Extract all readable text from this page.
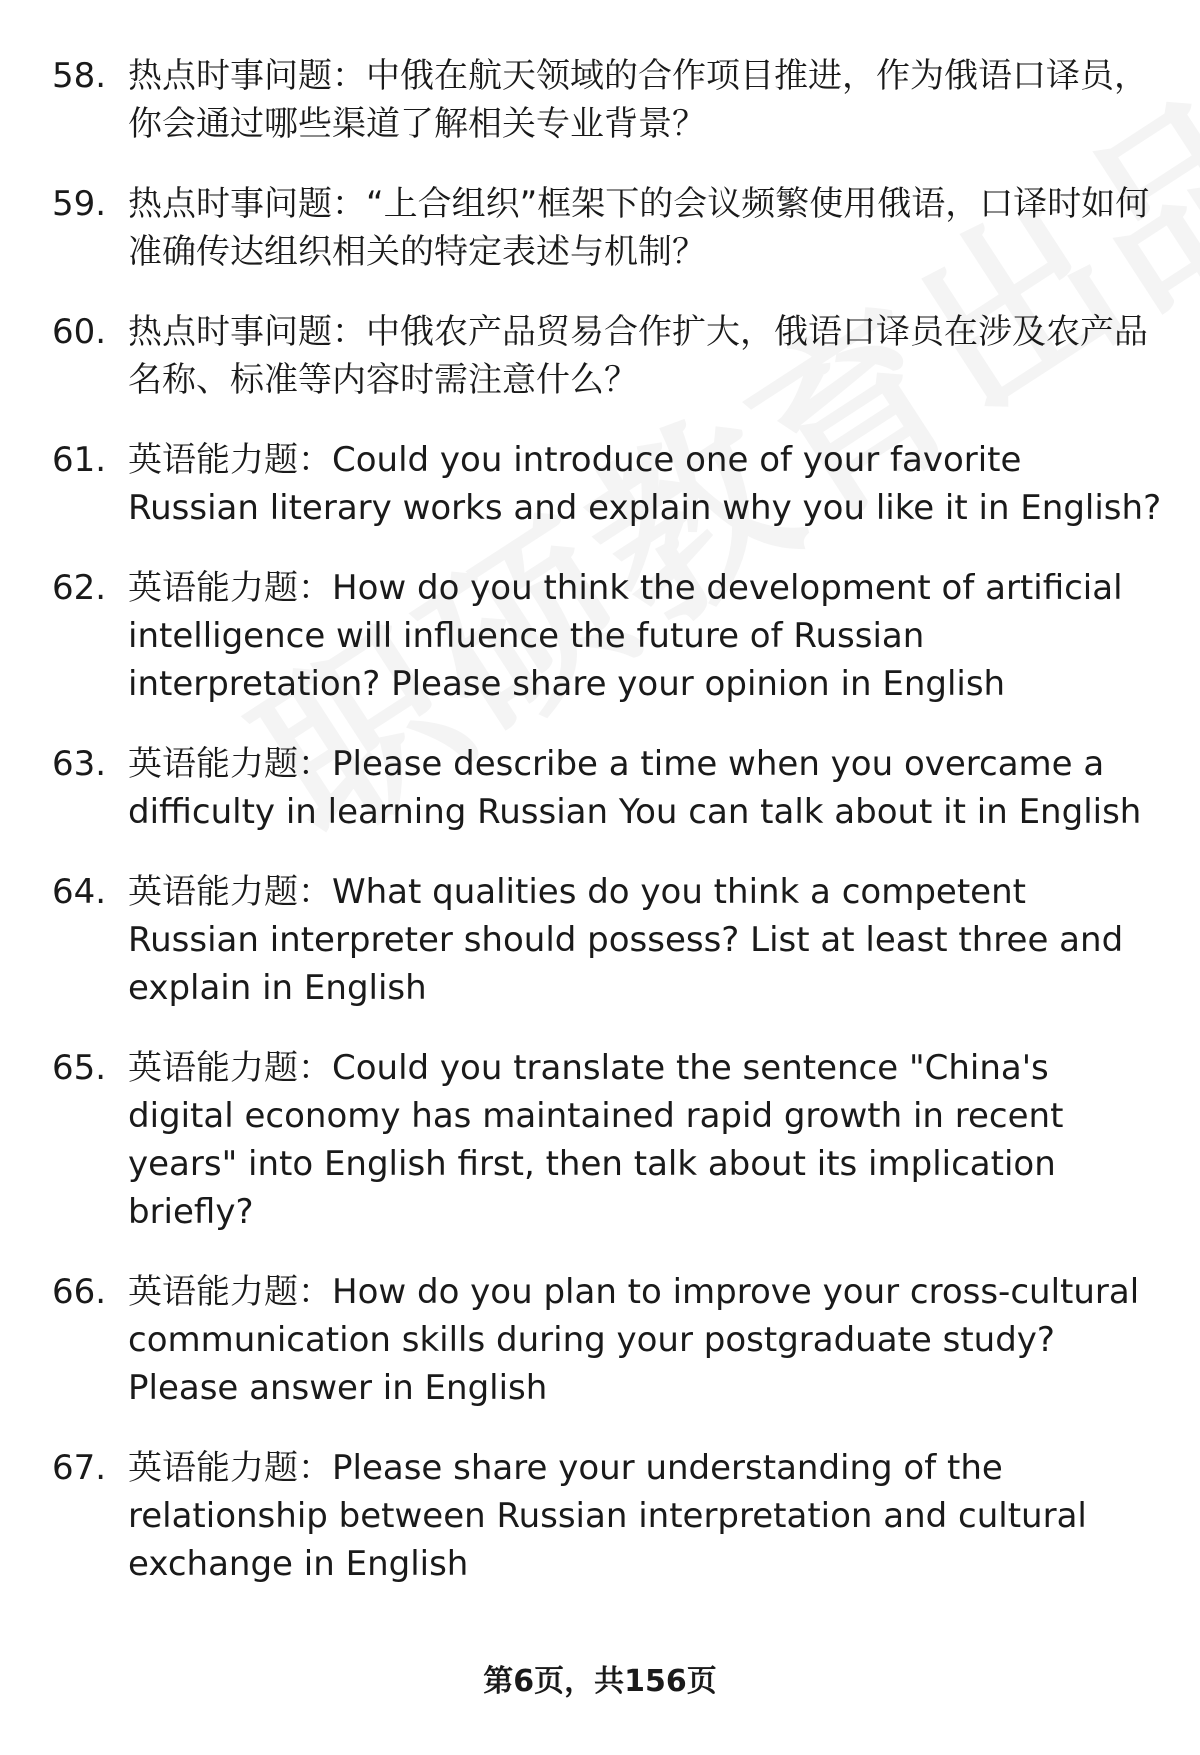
58. 热点时事问题：中俄在航天领域的合作项目推进，作为俄语口译员，你会通过哪些渠道了解相关专业背景？
59. 热点时事问题：“上合组织”框架下的会议频繁使用俄语，口译时如何准确传达组织相关的特定表述与机制？
60. 热点时事问题：中俄农产品贸易合作扩大，俄语口译员在涉及农产品名称、标准等内容时需注意什么？
61. 英语能力题：Could you introduce one of your favorite Russian literary works and explain why you like it in English?
62. 英语能力题：How do you think the development of artificial intelligence will influence the future of Russian interpretation? Please share your opinion in English
63. 英语能力题：Please describe a time when you overcame a difficulty in learning Russian You can talk about it in English
64. 英语能力题：What qualities do you think a competent Russian interpreter should possess? List at least three and explain in English
65. 英语能力题：Could you translate the sentence "China's digital economy has maintained rapid growth in recent years" into English first, then talk about its implication briefly?
66. 英语能力题：How do you plan to improve your cross-cultural communication skills during your postgraduate study? Please answer in English
67. 英语能力题：Please share your understanding of the relationship between Russian interpretation and cultural exchange in English
第6页，共156页
